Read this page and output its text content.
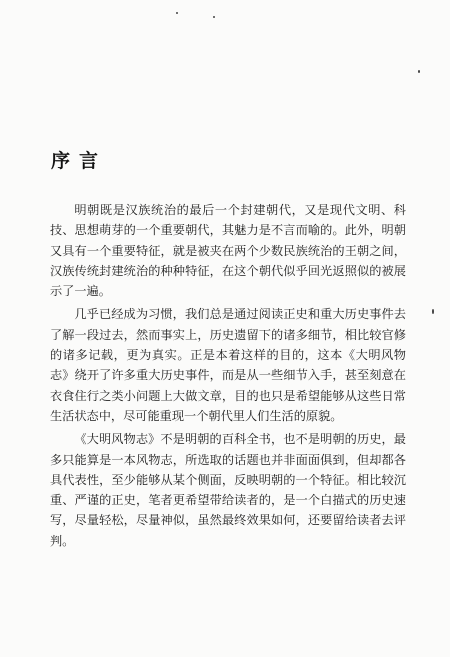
序言

明朝既是汉族统治的最后一个封建朝代，又是现代文明、科技、思想萌芽的一个重要朝代，其魅力是不言而喻的。此外，明朝又具有一个重要特征，就是被夹在两个少数民族统治的王朝之间，汉族传统封建统治的种种特征，在这个朝代似乎回光返照似的被展示了一遍。

几乎已经成为习惯，我们总是通过阅读正史和重大历史事件去了解一段过去，然而事实上，历史遗留下的诸多细节，相比较官修的诸多记载，更为真实。正是本着这样的目的，这本《大明风物志》绕开了许多重大历史事件，而是从一些细节入手，甚至刻意在衣食住行之类小问题上大做文章，目的也只是希望能够从这些日常生活状态中，尽可能重现一个朝代里人们生活的原貌。

《大明风物志》不是明朝的百科全书，也不是明朝的历史，最多只能算是一本风物志，所选取的话题也并非面面俱到，但却都各具代表性，至少能够从某个侧面，反映明朝的一个特征。相比较沉重、严谨的正史，笔者更希望带给读者的，是一个白描式的历史速写，尽量轻松，尽量神似，虽然最终效果如何，还要留给读者去评判。
